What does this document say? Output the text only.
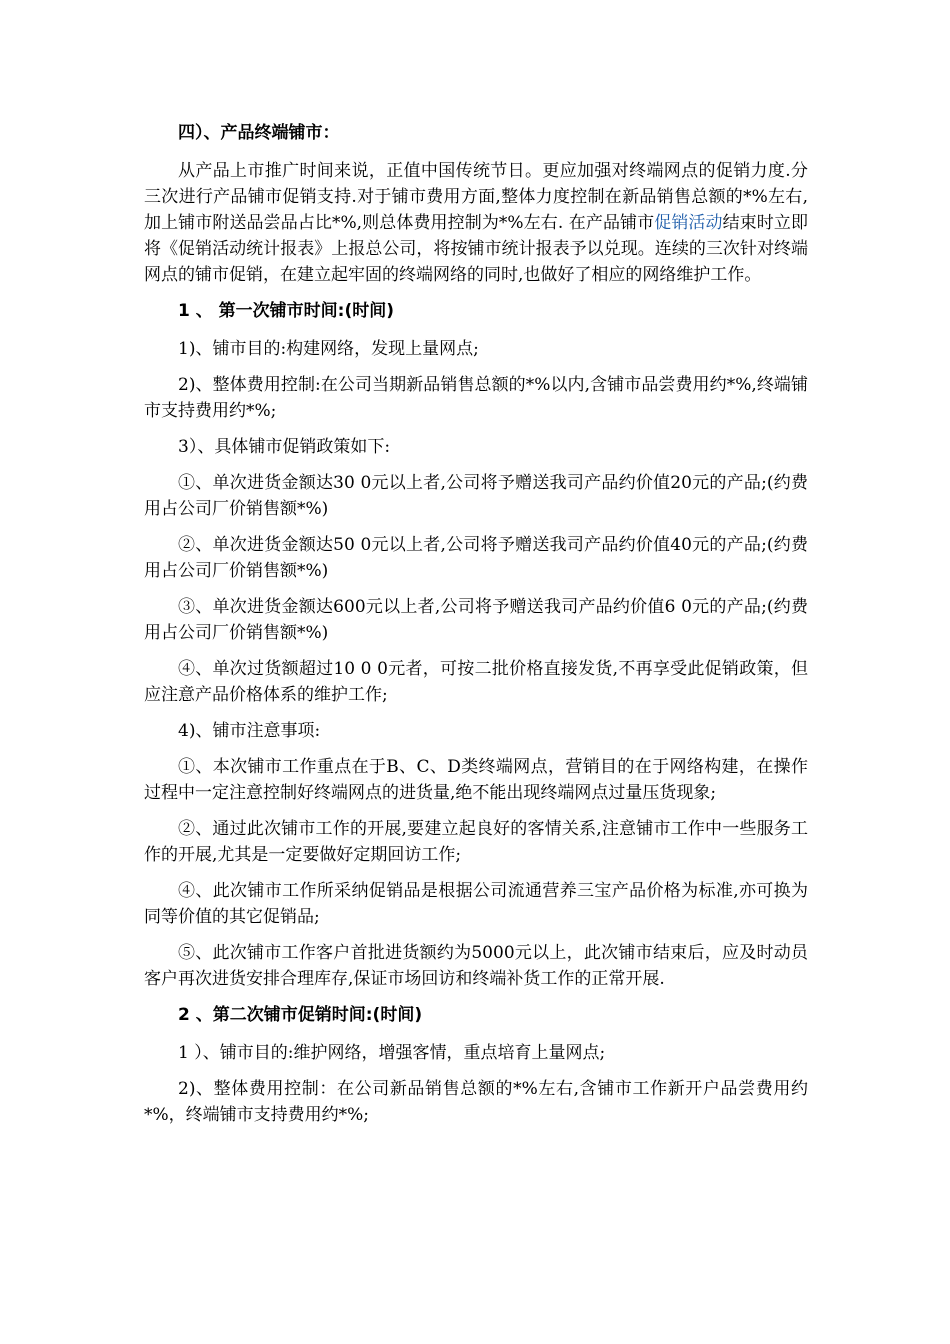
四）、产品终端铺市：

从产品上市推广时间来说，正值中国传统节日。更应加强对终端网点的促销力度.分三次进行产品铺市促销支持.对于铺市费用方面,整体力度控制在新品销售总额的*%左右,加上铺市附送品尝品占比*%,则总体费用控制为*%左右. 在产品铺市促销活动结束时立即将《促销活动统计报表》上报总公司，将按铺市统计报表予以兑现。连续的三次针对终端网点的铺市促销，在建立起牢固的终端网络的同时,也做好了相应的网络维护工作。

1 、 第一次铺市时间:(时间)

1)、铺市目的:构建网络，发现上量网点;

2)、整体费用控制:在公司当期新品销售总额的*%以内,含铺市品尝费用约*%,终端铺市支持费用约*%;

3）、具体铺市促销政策如下:

①、单次进货金额达30 0元以上者,公司将予赠送我司产品约价值20元的产品;(约费用占公司厂价销售额*%)

②、单次进货金额达50 0元以上者,公司将予赠送我司产品约价值40元的产品;(约费用占公司厂价销售额*%)

③、单次进货金额达600元以上者,公司将予赠送我司产品约价值6 0元的产品;(约费用占公司厂价销售额*%)

④、单次过货额超过10 0 0元者，可按二批价格直接发货,不再享受此促销政策，但应注意产品价格体系的维护工作;

4)、铺市注意事项:

①、本次铺市工作重点在于B、C、D类终端网点，营销目的在于网络构建，在操作过程中一定注意控制好终端网点的进货量,绝不能出现终端网点过量压货现象;

②、通过此次铺市工作的开展,要建立起良好的客情关系,注意铺市工作中一些服务工作的开展,尤其是一定要做好定期回访工作;

④、此次铺市工作所采纳促销品是根据公司流通营养三宝产品价格为标准,亦可换为同等价值的其它促销品;

⑤、此次铺市工作客户首批进货额约为5000元以上，此次铺市结束后，应及时动员客户再次进货安排合理库存,保证市场回访和终端补货工作的正常开展.

2 、第二次铺市促销时间:(时间)

1 ）、铺市目的:维护网络，增强客情，重点培育上量网点;

2)、整体费用控制：在公司新品销售总额的*%左右,含铺市工作新开户品尝费用约*%，终端铺市支持费用约*%;
